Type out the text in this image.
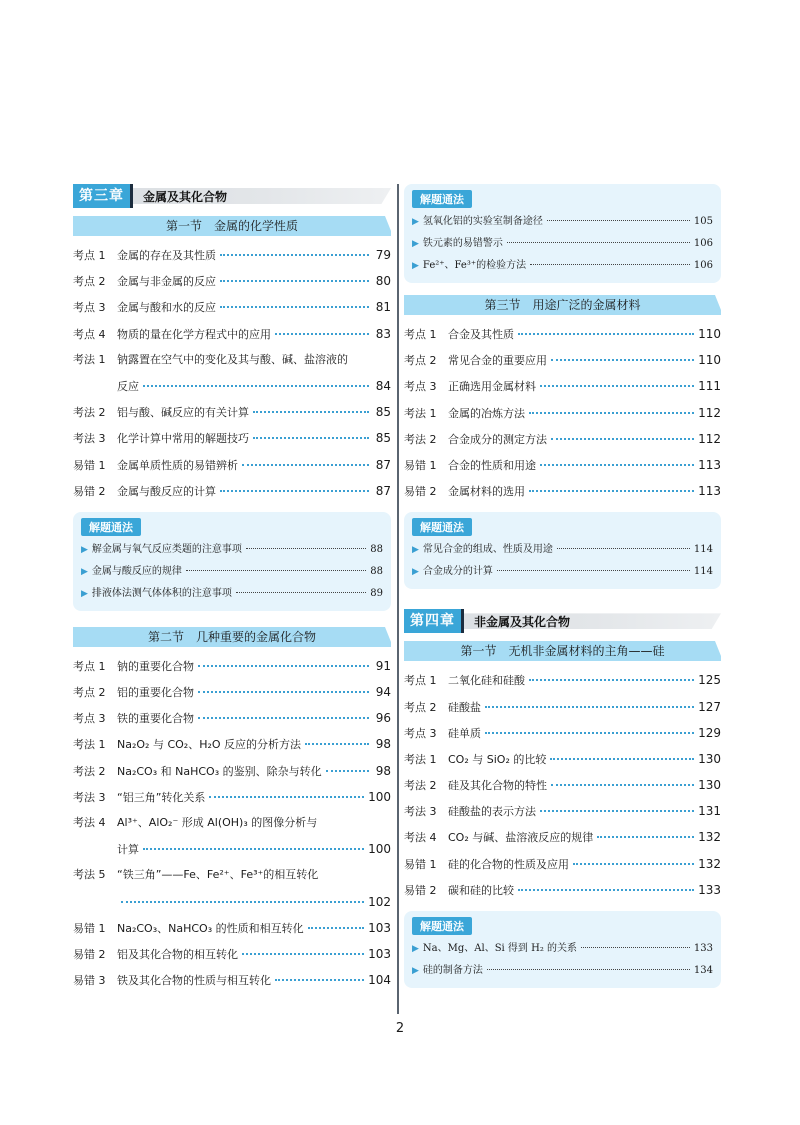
第三章	金属及其化合物
第一节　金属的化学性质
考点 1	金属的存在及其性质	79
考点 2	金属与非金属的反应	80
考点 3	金属与酸和水的反应	81
考点 4	物质的量在化学方程式中的应用	83
考法 1	钠露置在空气中的变化及其与酸、碱、盐溶液的
反应	84
考法 2	铝与酸、碱反应的有关计算	85
考法 3	化学计算中常用的解题技巧	85
易错 1	金属单质性质的易错辨析	87
易错 2	金属与酸反应的计算	87
解题通法
▶ 解金属与氧气反应类题的注意事项	88
▶ 金属与酸反应的规律	88
▶ 排液体法测气体体积的注意事项	89
第二节　几种重要的金属化合物
考点 1	钠的重要化合物	91
考点 2	铝的重要化合物	94
考点 3	铁的重要化合物	96
考法 1	Na₂O₂ 与 CO₂、H₂O 反应的分析方法	98
考法 2	Na₂CO₃ 和 NaHCO₃ 的鉴别、除杂与转化	98
考法 3	“铝三角”转化关系	100
考法 4	Al³⁺、AlO₂⁻ 形成 Al(OH)₃ 的图像分析与
计算	100
考法 5	“铁三角”——Fe、Fe²⁺、Fe³⁺的相互转化
102
易错 1	Na₂CO₃、NaHCO₃ 的性质和相互转化	103
易错 2	铝及其化合物的相互转化	103
易错 3	铁及其化合物的性质与相互转化	104
解题通法
▶ 氢氧化铝的实验室制备途径	105
▶ 铁元素的易错警示	106
▶ Fe²⁺、Fe³⁺的检验方法	106
第三节　用途广泛的金属材料
考点 1	合金及其性质	110
考点 2	常见合金的重要应用	110
考点 3	正确选用金属材料	111
考法 1	金属的冶炼方法	112
考法 2	合金成分的测定方法	112
易错 1	合金的性质和用途	113
易错 2	金属材料的选用	113
解题通法
▶ 常见合金的组成、性质及用途	114
▶ 合金成分的计算	114
第四章	非金属及其化合物
第一节　无机非金属材料的主角——硅
考点 1	二氧化硅和硅酸	125
考点 2	硅酸盐	127
考点 3	硅单质	129
考法 1	CO₂ 与 SiO₂ 的比较	130
考法 2	硅及其化合物的特性	130
考法 3	硅酸盐的表示方法	131
考法 4	CO₂ 与碱、盐溶液反应的规律	132
易错 1	硅的化合物的性质及应用	132
易错 2	碳和硅的比较	133
解题通法
▶ Na、Mg、Al、Si 得到 H₂ 的关系	133
▶ 硅的制备方法	134
2
